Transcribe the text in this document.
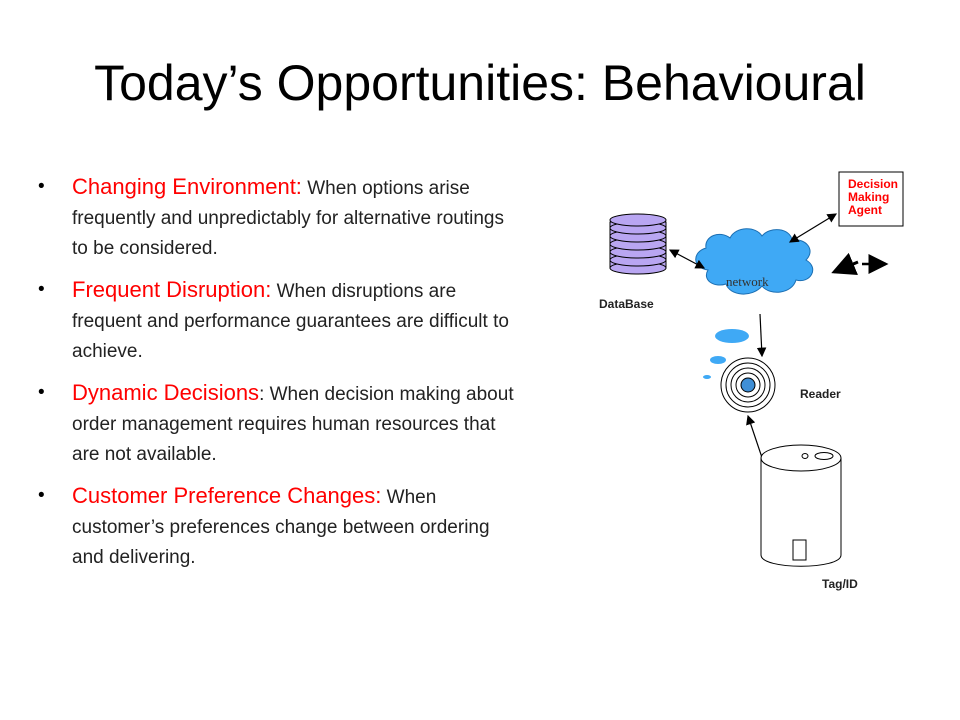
Today’s Opportunities: Behavioural
• Changing Environment: When options arise frequently and unpredictably for alternative routings to be considered.
• Frequent Disruption: When disruptions are frequent and performance guarantees are difficult to achieve.
• Dynamic Decisions: When decision making about order management requires human resources that are not available.
• Customer Preference Changes: When customer’s preferences change between ordering and delivering.
DataBase
network
Decision Making Agent
Reader
Tag/ID
